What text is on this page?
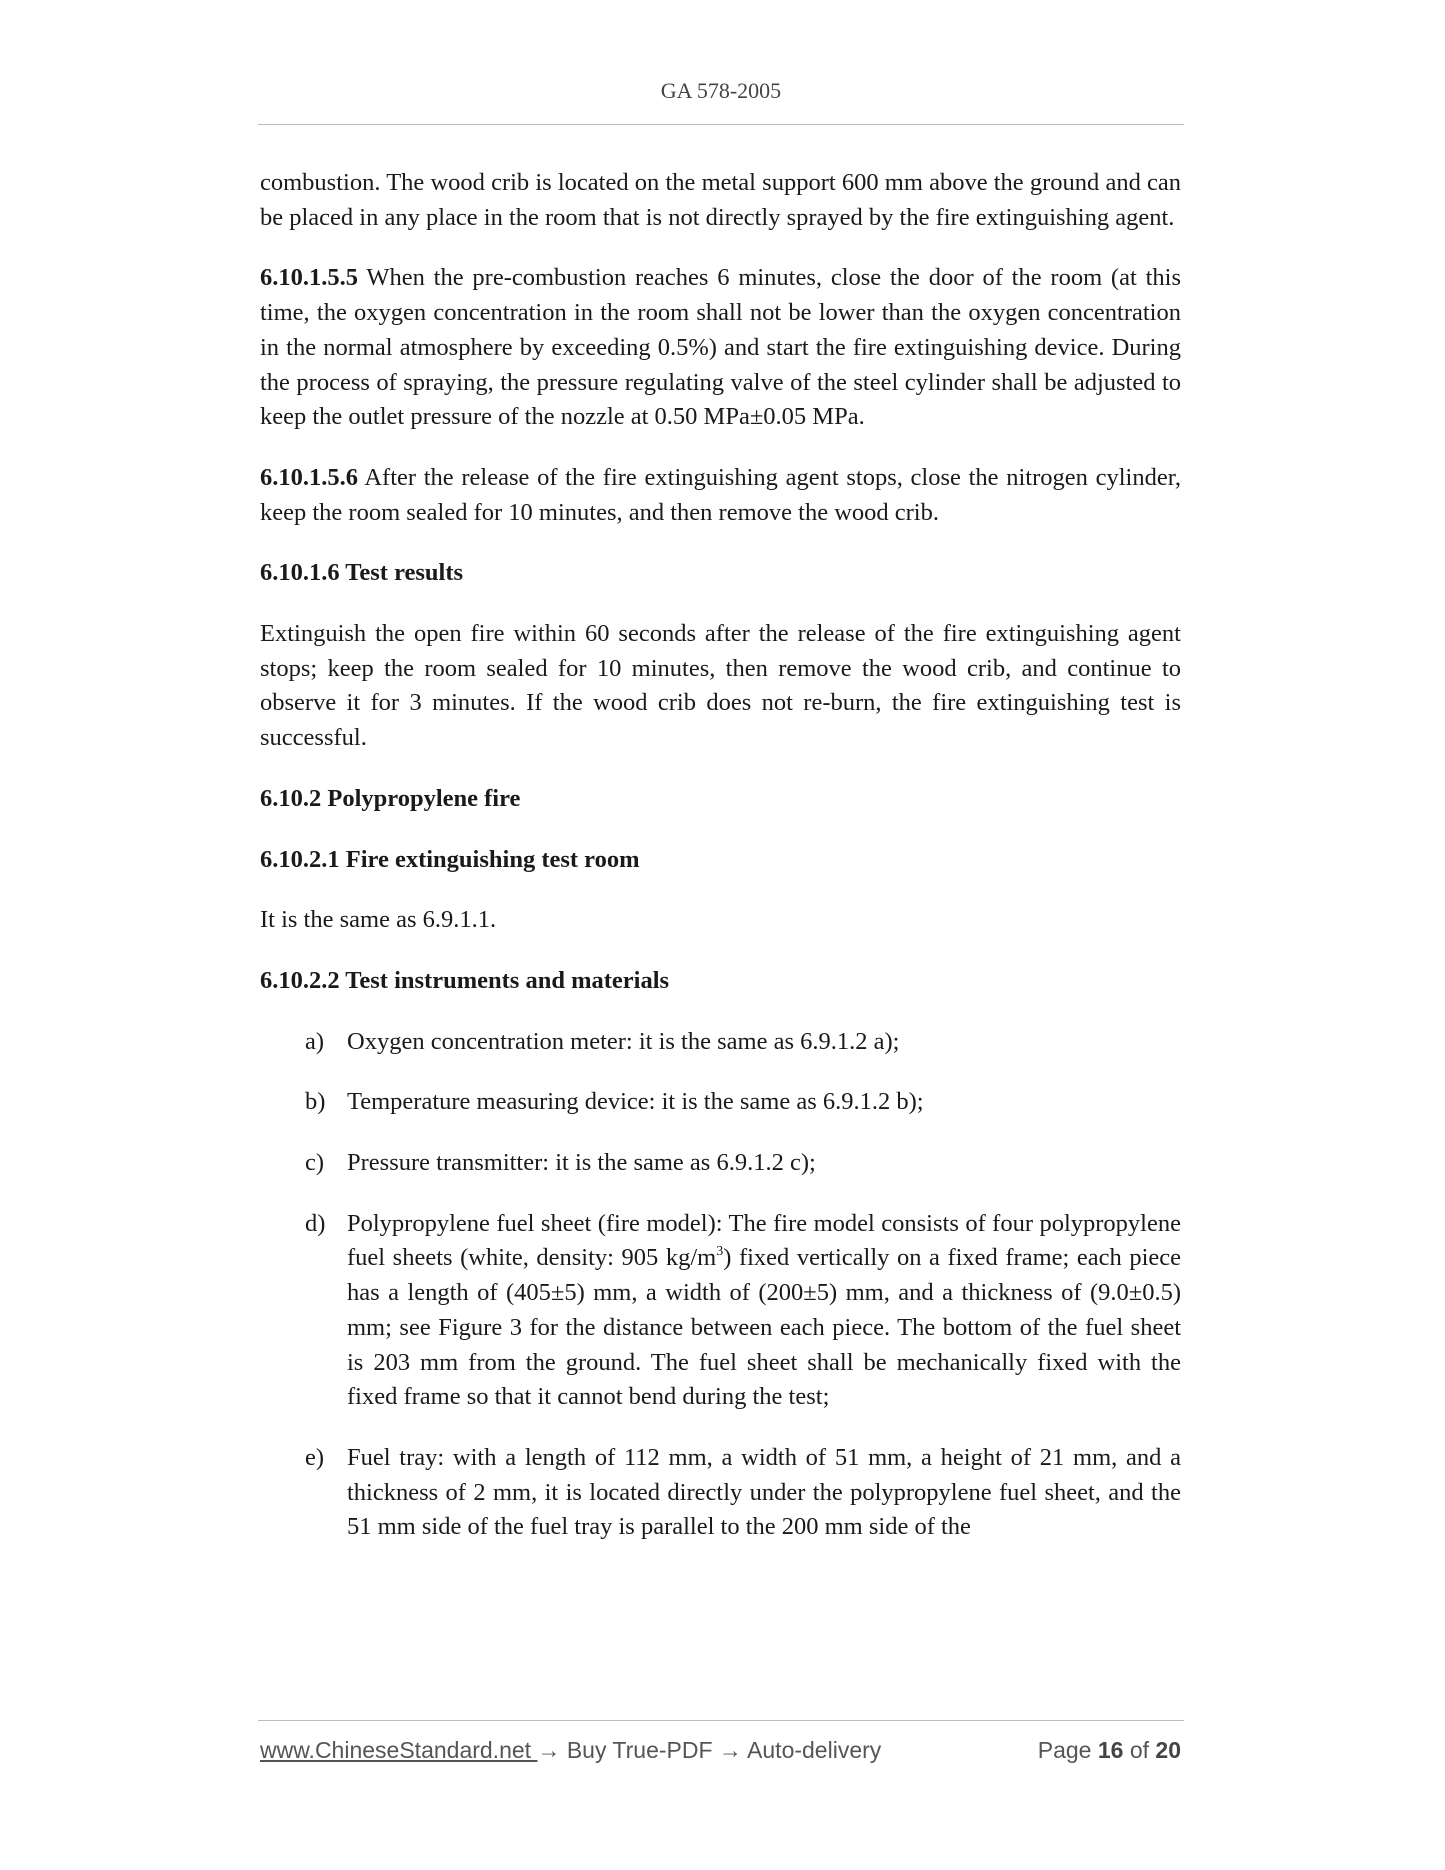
GA 578-2005

combustion. The wood crib is located on the metal support 600 mm above the ground and can be placed in any place in the room that is not directly sprayed by the fire extinguishing agent.

6.10.1.5.5 When the pre-combustion reaches 6 minutes, close the door of the room (at this time, the oxygen concentration in the room shall not be lower than the oxygen concentration in the normal atmosphere by exceeding 0.5%) and start the fire extinguishing device. During the process of spraying, the pressure regulating valve of the steel cylinder shall be adjusted to keep the outlet pressure of the nozzle at 0.50 MPa±0.05 MPa.

6.10.1.5.6 After the release of the fire extinguishing agent stops, close the nitrogen cylinder, keep the room sealed for 10 minutes, and then remove the wood crib.

6.10.1.6 Test results

Extinguish the open fire within 60 seconds after the release of the fire extinguishing agent stops; keep the room sealed for 10 minutes, then remove the wood crib, and continue to observe it for 3 minutes. If the wood crib does not re-burn, the fire extinguishing test is successful.

6.10.2 Polypropylene fire

6.10.2.1 Fire extinguishing test room

It is the same as 6.9.1.1.

6.10.2.2 Test instruments and materials

a) Oxygen concentration meter: it is the same as 6.9.1.2 a);
b) Temperature measuring device: it is the same as 6.9.1.2 b);
c) Pressure transmitter: it is the same as 6.9.1.2 c);
d) Polypropylene fuel sheet (fire model): The fire model consists of four polypropylene fuel sheets (white, density: 905 $kg/m^3$) fixed vertically on a fixed frame; each piece has a length of (405±5) mm, a width of (200±5) mm, and a thickness of (9.0±0.5) mm; see Figure 3 for the distance between each piece. The bottom of the fuel sheet is 203 mm from the ground. The fuel sheet shall be mechanically fixed with the fixed frame so that it cannot bend during the test;
e) Fuel tray: with a length of 112 mm, a width of 51 mm, a height of 21 mm, and a thickness of 2 mm, it is located directly under the polypropylene fuel sheet, and the 51 mm side of the fuel tray is parallel to the 200 mm side of the
www.ChineseStandard.net → Buy True-PDF → Auto-delivery	Page 16 of 20
